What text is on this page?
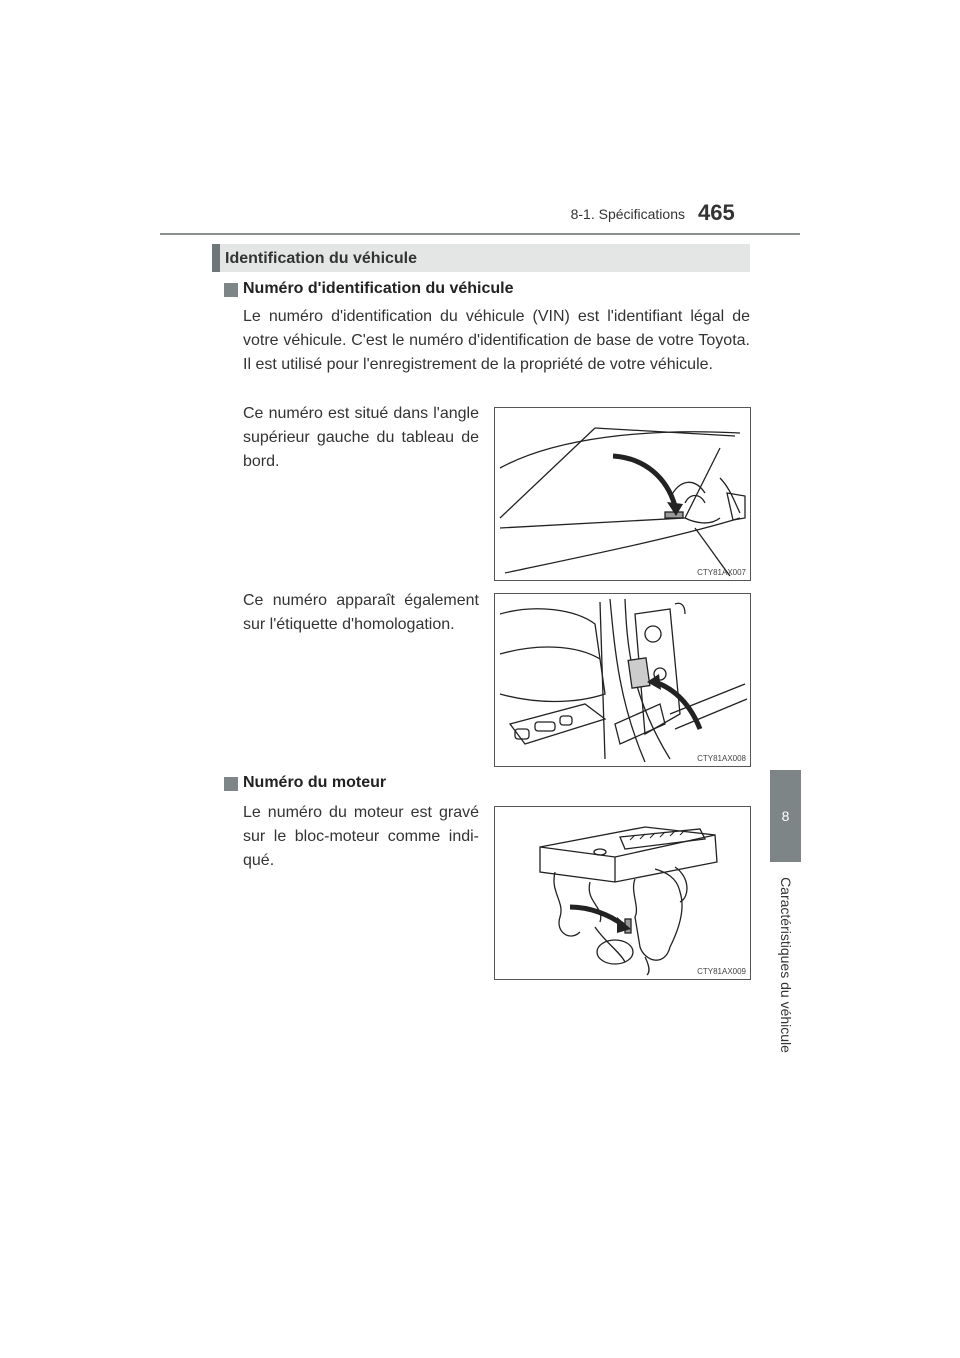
8-1. Spécifications 465
8
Caractéristiques du véhicule
Identification du véhicule
Numéro d'identification du véhicule
Le numéro d'identification du véhicule (VIN) est l'identifiant légal de votre véhicule. C'est le numéro d'identification de base de votre Toyota. Il est utilisé pour l'enregistrement de la propriété de votre véhicule.
Ce numéro est situé dans l'angle supérieur gauche du tableau de bord.
CTY81AX007
Ce numéro apparaît également sur l'étiquette d'homologation.
CTY81AX008
Numéro du moteur
Le numéro du moteur est gravé sur le bloc-moteur comme indi-qué.
CTY81AX009
